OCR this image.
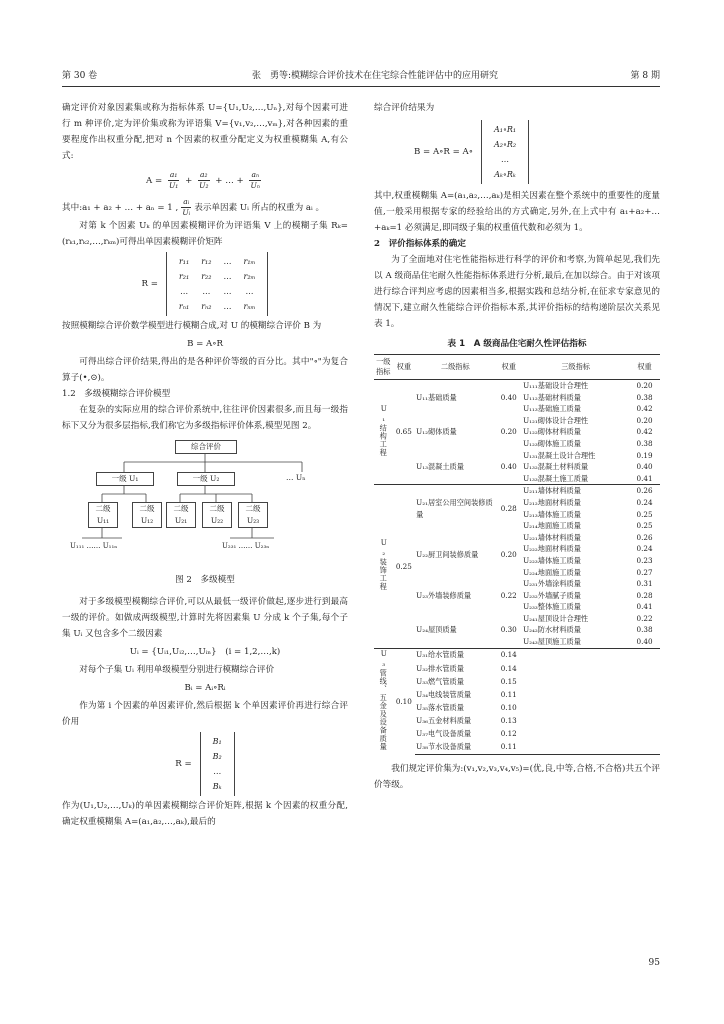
第 30 卷	张　勇等:模糊综合评价技术在住宅综合性能评估中的应用研究	第 8 期

确定评价对象因素集或称为指标体系 U={U₁,U₂,…,Uₙ},对每个因素可进行 m 种评价,定为评价集或称为评语集 V={v₁,v₂,…,vₘ},对各种因素的重要程度作出权重分配,把对 n 个因素的权重分配定义为权重模糊集 A,有公式:

$A = \frac{\text{a₁}}{\text{U₁}} + \frac{\text{a₂}}{\text{U₂}}$ + … + $\frac{\text{aₙ}}{\text{Uₙ}}$

其中:a₁ + a₂ + … + aₙ = 1 , $\frac{\text{aᵢ}}{\text{Uᵢ}}$ 表示单因素 Uᵢ 所占的权重为 aᵢ 。

对第 k 个因素 Uₖ 的单因素模糊评价为评语集 V 上的模糊子集 Rₖ=(rₖ₁,rₖ₂,…,rₖₘ)可得出单因素模糊评价矩阵

R =
r₁₁	r₁₂	…	r₁ₘ
r₂₁	r₂₂	…	r₂ₘ
…	…	…	…
rₙ₁	rₙ₂	…	rₙₘ

按照模糊综合评价数学模型进行模糊合成,对 U 的模糊综合评价 B 为

B = A∘R

可得出综合评价结果,得出的是各种评价等级的百分比。其中"∘"为复合算子(•,⊙)。

1.2　多级模糊综合评价模型

在复杂的实际应用的综合评价系统中,往往评价因素很多,而且每一级指标下又分为很多层指标,我们称它为多级指标评价体系,模型见图 2。

综合评价
一级 U₁	一级 U₂	… Uₙ
二级 U₁₁
二级 U₁₂
二级 U₂₁
二级 U₂₂
二级 U₂₃
U₁₁₁ …… U₁₁ₙ	U₂₃₁ …… U₂₃ₙ
图 2　多级模型

对于多级模型模糊综合评价,可以从最低一级评价做起,逐步进行到最高一级的评价。如做成两级模型,计算时先将因素集 U 分成 k 个子集,每个子集 Uᵢ 又包含多个二级因素

Uᵢ = {Uᵢ₁,Uᵢ₂,…,Uᵢₙ}　(i = 1,2,…,k)

对每个子集 Uᵢ 利用单级模型分别进行模糊综合评价

Bᵢ = Aᵢ∘Rᵢ

作为第 i 个因素的单因素评价,然后根据 k 个单因素评价再进行综合评价用

R =
B₁
B₂
…
Bₖ

作为(U₁,U₂,…,Uₖ)的单因素模糊综合评价矩阵,根据 k 个因素的权重分配,确定权重模糊集 A=(a₁,a₂,…,aₖ),最后的

综合评价结果为

B = A∘R = A∘
A₁∘R₁
A₂∘R₂
…
Aₖ∘Rₖ

其中,权重模糊集 A=(a₁,a₂,…,aₖ)是相关因素在整个系统中的重要性的度量值,一般采用根据专家的经验给出的方式确定,另外,在上式中有 a₁+a₂+…+aₖ=1 必须满足,即同级子集的权重值代数和必须为 1。

2　评价指标体系的确定

为了全面地对住宅性能指标进行科学的评价和考察,为简单起见,我们先以 A 级商品住宅耐久性能指标体系进行分析,最后,在加以综合。由于对该项进行综合评判应考虑的因素相当多,根据实践和总结分析,在征求专家意见的情况下,建立耐久性能综合评价指标本系,其评价指标的结构递阶层次关系见表 1。

表 1　A 级商品住宅耐久性评估指标
一级指标	权重	二级指标	权重	三级指标	权重
U₁结构工程	0.65	U₁₁基础质量	0.40	U₁₁₁基础设计合理性	0.20
				U₁₁₂基础材料质量	0.38
				U₁₁₃基础施工质量	0.42
		U₁₂砌体质量	0.20	U₁₂₁砌体设计合理性	0.20
				U₁₂₂砌体材料质量	0.42
				U₁₂₃砌体施工质量	0.38
		U₁₃混凝土质量	0.40	U₁₃₁混凝土设计合理性	0.19
				U₁₃₂混凝土材料质量	0.40
				U₁₃₃混凝土施工质量	0.41
U₂装饰工程	0.25	U₂₁居室公用空间装修质量	0.28	U₂₁₁墙体材料质量	0.26
				U₂₁₂地面材料质量	0.24
				U₂₁₃墙体施工质量	0.25
				U₂₁₄地面施工质量	0.25
		U₂₂厨卫间装修质量	0.20	U₂₂₁墙体材料质量	0.26
				U₂₂₂地面材料质量	0.24
				U₂₂₃墙体施工质量	0.23
				U₂₂₄地面施工质量	0.27
		U₂₃外墙装修质量	0.22	U₂₃₁外墙涂料质量	0.31
				U₂₃₂外墙腻子质量	0.28
				U₂₃₃整体施工质量	0.41
		U₂₄屋顶质量	0.30	U₂₄₁屋顶设计合理性	0.22
				U₂₄₂防水材料质量	0.38
				U₂₄₃屋顶施工质量	0.40
U₃管线、五金及设备质量	0.10	U₃₁给水管质量	0.14		
		U₃₂排水管质量	0.14		
		U₃₃燃气管质量	0.15		
		U₃₄电线装管质量	0.11		
		U₃₅落水管质量	0.10		
		U₃₆五金材料质量	0.13		
		U₃₇电气设备质量	0.12		
		U₃₈节水设备质量	0.11		

我们规定评价集为:(v₁,v₂,v₃,v₄,v₅)=(优,良,中等,合格,不合格)共五个评价等级。

95
